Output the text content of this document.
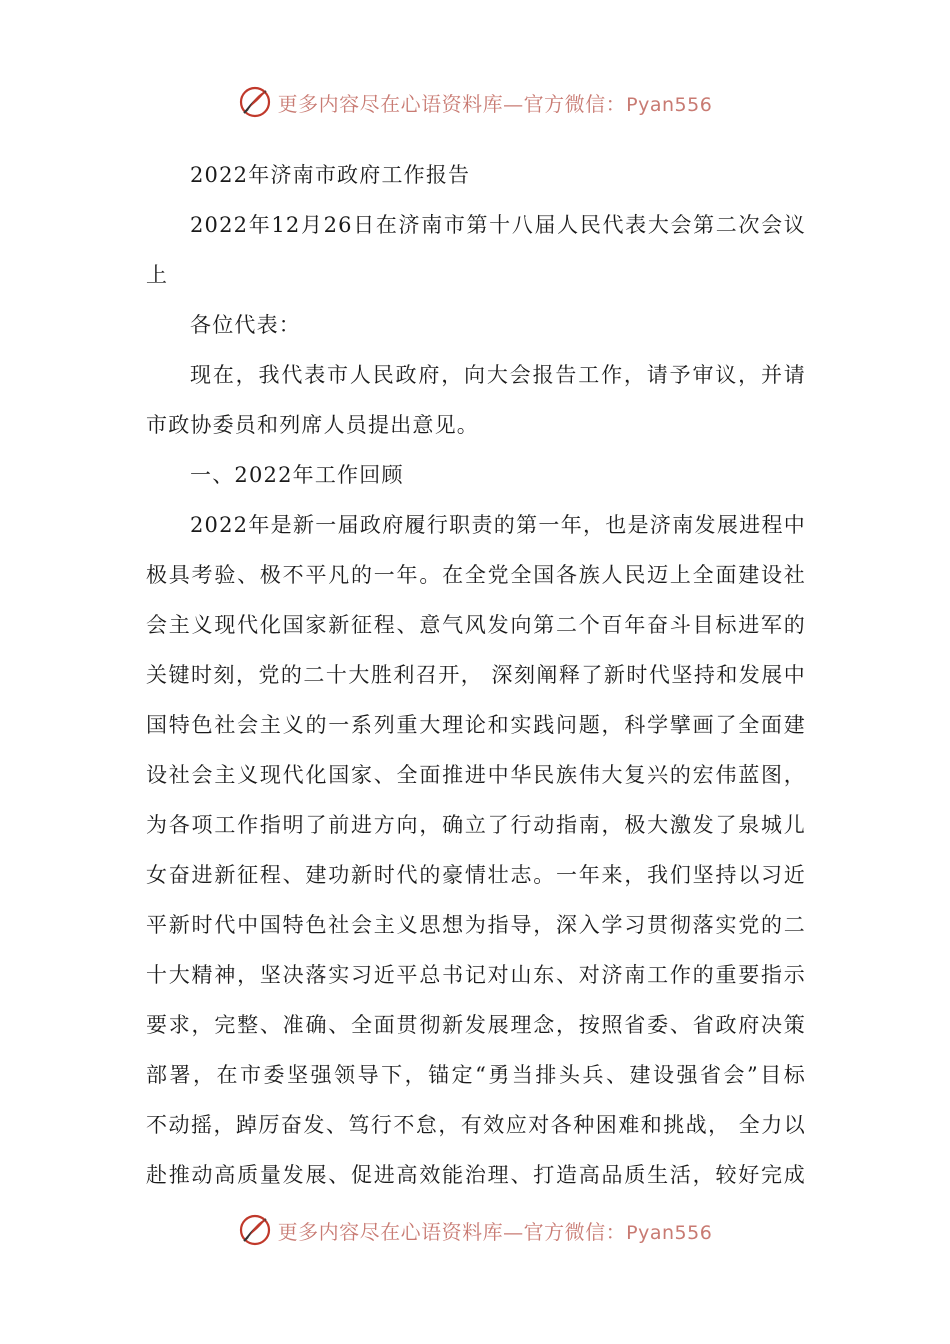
更多内容尽在心语资料库—官方微信：Pyan556
2022年济南市政府工作报告
2022年12月26日在济南市第十八届人民代表大会第二次会议
上
各位代表：
现在，我代表市人民政府，向大会报告工作，请予审议，并请
市政协委员和列席人员提出意见。
一、2022年工作回顾
2022年是新一届政府履行职责的第一年，也是济南发展进程中
极具考验、极不平凡的一年。在全党全国各族人民迈上全面建设社
会主义现代化国家新征程、意气风发向第二个百年奋斗目标进军的
关键时刻，党的二十大胜利召开， 深刻阐释了新时代坚持和发展中
国特色社会主义的一系列重大理论和实践问题，科学擘画了全面建
设社会主义现代化国家、全面推进中华民族伟大复兴的宏伟蓝图，
为各项工作指明了前进方向，确立了行动指南，极大激发了泉城儿
女奋进新征程、建功新时代的豪情壮志。一年来，我们坚持以习近
平新时代中国特色社会主义思想为指导，深入学习贯彻落实党的二
十大精神，坚决落实习近平总书记对山东、对济南工作的重要指示
要求，完整、准确、全面贯彻新发展理念，按照省委、省政府决策
部署，在市委坚强领导下，锚定“勇当排头兵、建设强省会”目标
不动摇，踔厉奋发、笃行不怠，有效应对各种困难和挑战， 全力以
赴推动高质量发展、促进高效能治理、打造高品质生活，较好完成
更多内容尽在心语资料库—官方微信：Pyan556
